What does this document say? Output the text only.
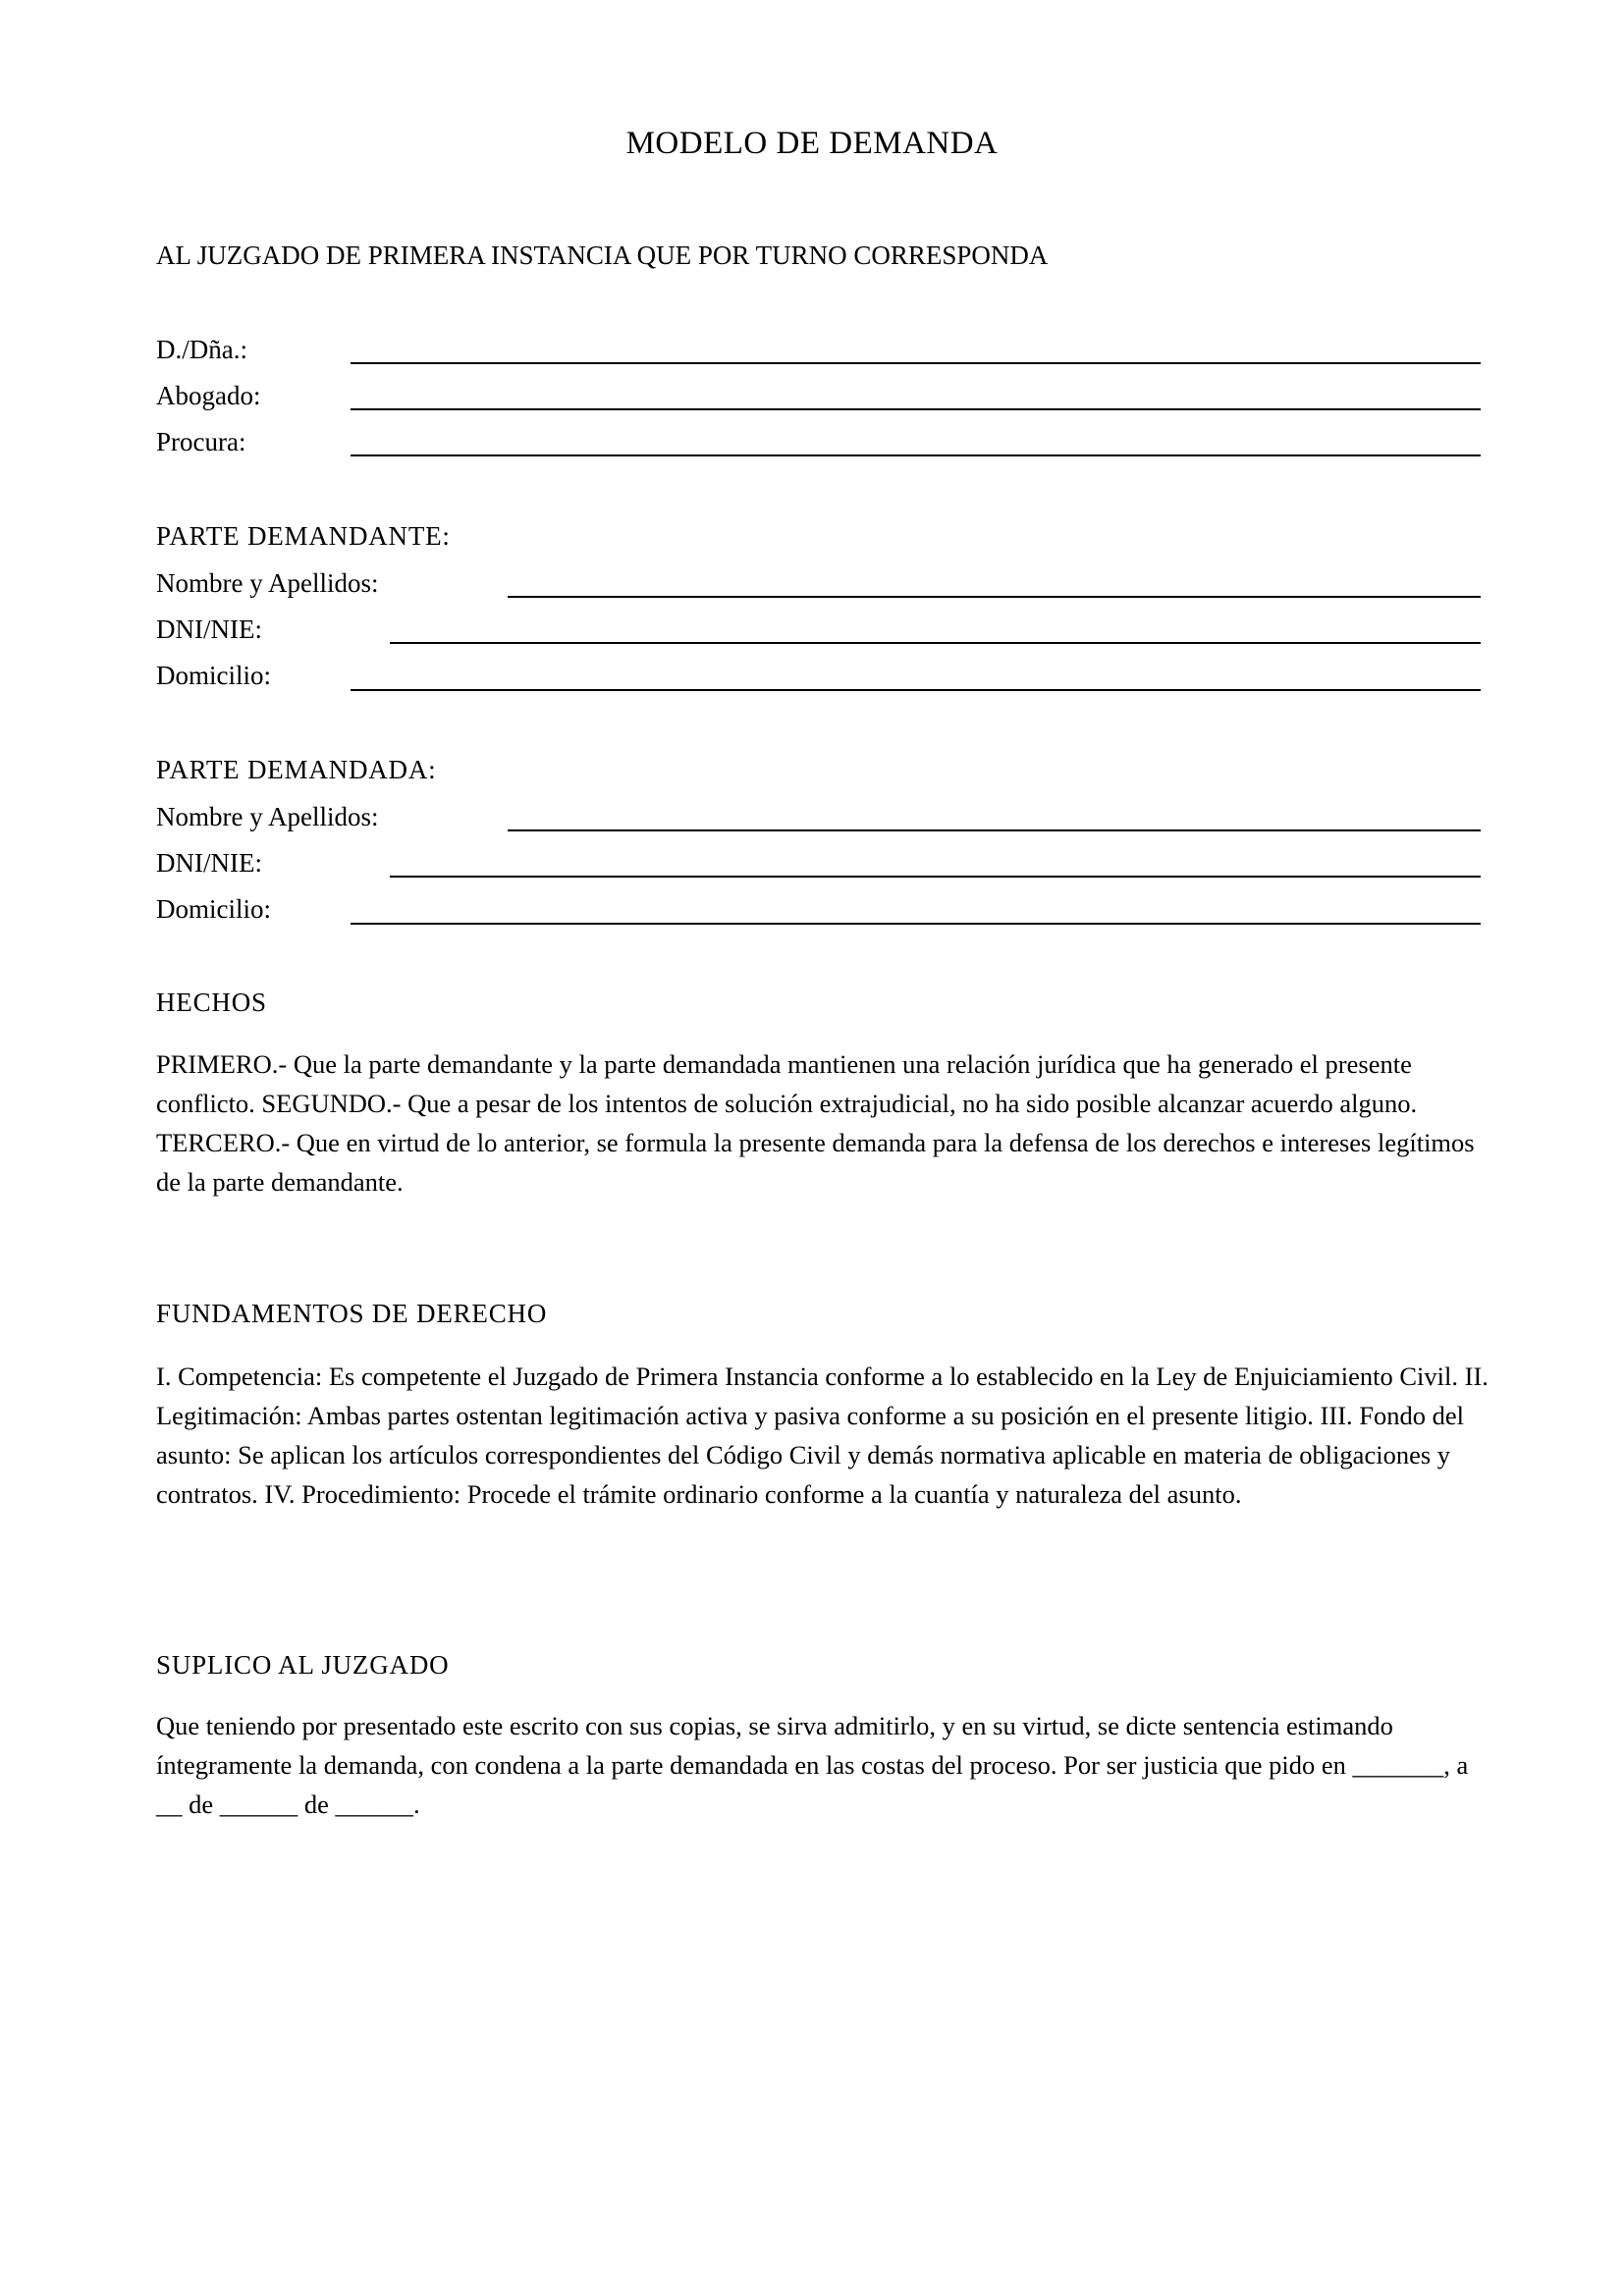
MODELO DE DEMANDA
AL JUZGADO DE PRIMERA INSTANCIA QUE POR TURNO CORRESPONDA
D./Dña.:
Abogado:
Procura:
PARTE DEMANDANTE:
Nombre y Apellidos:
DNI/NIE:
Domicilio:
PARTE DEMANDADA:
Nombre y Apellidos:
DNI/NIE:
Domicilio:
HECHOS
PRIMERO.- Que la parte demandante y la parte demandada mantienen una relación jurídica que ha generado el presente conflicto. SEGUNDO.- Que a pesar de los intentos de solución extrajudicial, no ha sido posible alcanzar acuerdo alguno. TERCERO.- Que en virtud de lo anterior, se formula la presente demanda para la defensa de los derechos e intereses legítimos de la parte demandante.
FUNDAMENTOS DE DERECHO
I. Competencia: Es competente el Juzgado de Primera Instancia conforme a lo establecido en la Ley de Enjuiciamiento Civil. II. Legitimación: Ambas partes ostentan legitimación activa y pasiva conforme a su posición en el presente litigio. III. Fondo del asunto: Se aplican los artículos correspondientes del Código Civil y demás normativa aplicable en materia de obligaciones y contratos. IV. Procedimiento: Procede el trámite ordinario conforme a la cuantía y naturaleza del asunto.
SUPLICO AL JUZGADO
Que teniendo por presentado este escrito con sus copias, se sirva admitirlo, y en su virtud, se dicte sentencia estimando íntegramente la demanda, con condena a la parte demandada en las costas del proceso. Por ser justicia que pido en _______, a __ de ______ de ______.
